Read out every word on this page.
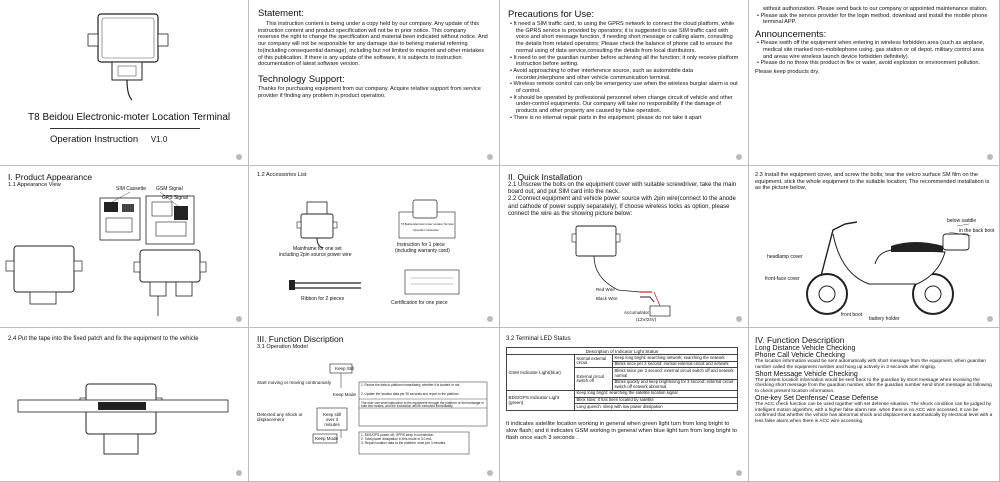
T8 Beidou Electronic-moter Location Terminal
Operation Instruction V1.0
Statement:
This instruction content is being under a copy held by our company. Any update of this instruction content and product specification will not be in prior notice. This company reserves the right to change the specification and material been indicated without notice. And our company will not be responsible for any damage due to belving material referring to(including consequential damage), including but not limited to misprint and other mistakes of this publication. If there is any update of the software, it is subjects to instruction documentation of latest software version.
Technology Support:
Thanks for purchasing equipment from our company. Acquire relative support from service provider if finding any problem in product operation.
Precautions for Use:
• It need a SIM traffic card, to using the GPRS network to connect the cloud platform, while the GPRS service is provided by operators; it is suggested to use SIM traffic card with voice and short message function, if needing short message or calling alarm, consulting the details from related operators; Please check the balance of phone call to ensure the normal using of data service,consulting the details from local distributors.
• It need to set the guardian number before achieving all the function; it only receive platform instruction before setting.
• Avoid approaching to other interference source, such as automobile data recorder,interphone and other vehicle communication terminal.
• Wireless remote control can only be emergency use when the wireless burglar alarm is out of control.
• It should be operated by professional personnel when change circuit of vehicle and other under-control equipments. Our company will take no responsibility if the damage of products and other property are caused by false operation.
• There is no internal repair parts in the equipment; please do not take it apart
without authorization. Please send back to our company or appointed maintenance station.
• Please ask the service provider for the login method, download and install the mobile phone terminal APP.
Announcements:
• Please swith off the equipment when entering in wireless forbidden area (such as airplane, medical site marked non-mobilephone using, gas station or oil depot, military control area and areas wire wireless launch device forbidden definitely).
• Please do no throw this product in fire or water, avoid explosion or environment pollution.
Please keep products dry.
I. Product Appearance
1.1 Appearance View
SIM Cassette GSM Signal
GPS Signal
1.2 Accessories List
T8 Beidou Electronic-moter Location Terminal
Operation Instruction
Mainframe for one set
including 2pin source power wire
Instruction for 1 piece
(including warranty card)
Ribbon for 2 pieces
Certification for one piece
II. Quick Installation
2.1 Unscrew the bolts on the equipment cover with suitable screwdriver, take the main board out, and put SIM card into the neck.
2.2 Connect equipment and vehicle power source with 2pin wire(connect to the anode and cathode of power supply separately); If choose wireless locks as option, please connect the wire as the showing picture below:
Red Wire
Black Wire
Accumulator
(12V/24V)
2.3 Install the equipment cover, and screw the bolts; tear the velcro surface SM film on the equipment, stick the whole equipment to the suitable location; The recommended installation is as the picture below,
below saddle
in the back boot
headlamp cover
front-face cover
front boot
battery holder
2.4 Put the tape into the fixed patch and fix the equipment to the vehicle	III. Function Discription
3.1 Operation Model
Keep Still
Keep Mode
Start moving or moving continuously
Detected any shock or displacement
Keep still over 3 minutes
Keep Mode
1. Recive the data to platform immediately, whether it is located or not.
2. Update the location data per 30 seconds and report to the platform.
The user can send instruction to the equipment through the platform or text message in both two modes, and the instruction will be executed immediately
1. BDS/GPS power off, GPRS keep in connection.
2. Total power dissipation in this mode is 3.0 mA.
3. Report location data to the platform once per 3 minutes.
3.2 Terminal LED Status
Description of Indicator Light Status		
GSM Indicator Light(blue)	Normal external circuit	Keep long bright: searching network; searching the network
		Blinks once per 2 second: normal external circuit and network
	External circuit switch off	Blinks twice per 2 second: external circuit switch off and network normal
		Blinks quickly and keep brightening for 3 second: external circuit switch off network abnormal
BDS/GPS Indicator Light (green)	Keep long bright: searching the satellite location signal	
	Blink slow: It has been located by satellite	
	Long quench: sleep with low power dissipation	
It indicates satellite location working in general when green light turn from long bright to slow flash; and it indicates GSM working in general when blue light turn from long bright to flash once each 3 seconds .
IV. Function Description
Long Distance Vehicle Checking
Phone Call Vehicle Checking
The location information would be sent automatically with short message from the equipment, when guardian number called the equipment number and hung up actively in 3 seconds after ringing.
Short Message Vehicle Checking
The present location information would be sent back to the guardian by short message when receiving the checking short message from the guardian number, after the guardian number send short message as following to check present location information.
One-key Set Denfense/ Cease Defense
The ACC check function can be used together with set defense situation. The shock condition can be judged by intelligent motion algorithm, with a higher false alarm rate, when there is no ACC wire accessed. It can be confirmed that whether the vehicle has abnormal shock and displacement automatically by electrical level with a less false alarm,when there is ACC wire accessing.
